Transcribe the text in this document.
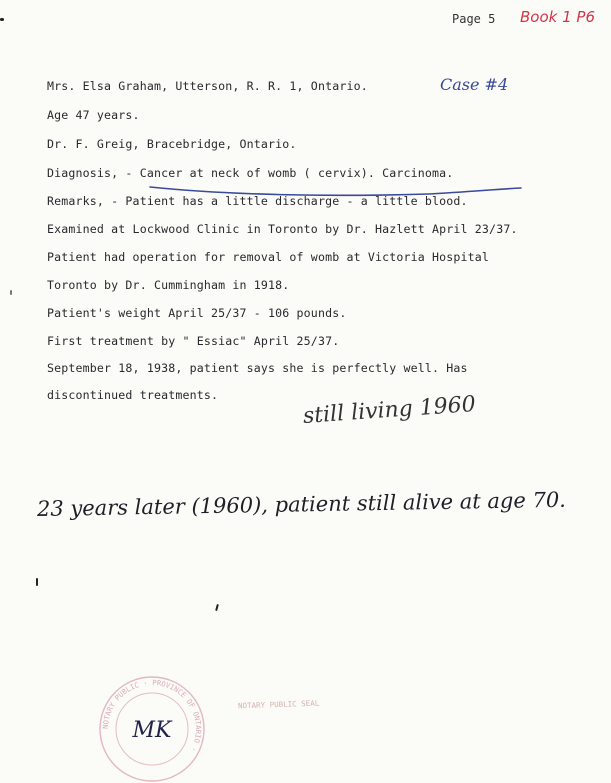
Page 5 Book 1 P6
Case #4
Mrs. Elsa Graham, Utterson, R. R. 1, Ontario.
Age 47 years.
Dr. F. Greig, Bracebridge, Ontario.
Diagnosis, - Cancer at neck of womb ( cervix). Carcinoma.
Remarks, - Patient has a little discharge - a little blood.
Examined at Lockwood Clinic in Toronto by Dr. Hazlett April 23/37.
Patient had operation for removal of womb at Victoria Hospital
Toronto by Dr. Cummingham in 1918.
Patient's weight April 25/37 - 106 pounds.
First treatment by " Essiac" April 25/37.
September 18, 1938, patient says she is perfectly well. Has
discontinued treatments.	still living 1960
23 years later (1960), patient still alive at age 70.
NOTARY PUBLIC · PROVINCE OF ONTARIO ·
MK
NOTARY PUBLIC SEAL
